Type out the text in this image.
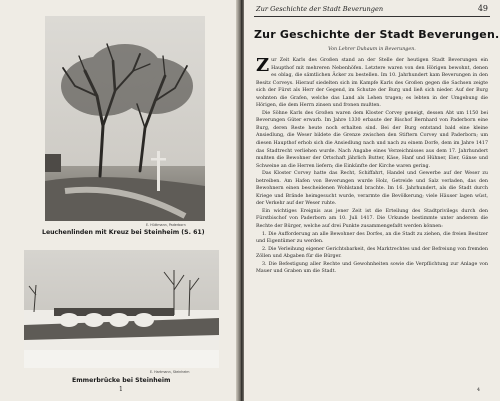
E. Hüttmann, Paderborn
Leuchenlinden mit Kreuz bei Steinheim (S. 61)
E. Hartmann, Steinheim
Emmerbrücke bei Steinheim
1
Zur Geschichte der Stadt Beverungen	49
Zur Geschichte der Stadt Beverungen.
Von Lehrer Duhaum in Beverungen.

Zur Zeit Karls des Großen stand an der Stelle der heutigen Stadt Beverungen ein Haupthof mit mehreren Nebenhöfen. Letztere waren von den Hörigen bewohnt, denen es oblag, die sämtlichen Äcker zu bestellen. Im 10. Jahrhundert kam Beverungen in den Besitz Corveys. Hierauf siedelten sich im Kampfe Karls des Großen gegen die Sachsen zeigte sich der Fürst als Herr der Gegend, im Schutze der Burg und ließ sich nieder. Auf der Burg wohnten die Grafen, welche das Land als Lehen trugen; es lebten in der Umgebung die Hörigen, die dem Herrn zinsen und fronen mußten.

Die Söhne Karls des Großen waren dem Kloster Corvey geneigt, dessen Abt um 1150 bei Beverungen Güter erwarb. Im Jahre 1330 erbaute der Bischof Bernhard von Paderborn eine Burg, deren Reste heute noch erhalten sind. Bei der Burg entstand bald eine kleine Ansiedlung, die Weser bildete die Grenze zwischen den Stiftern Corvey und Paderborn; um diesen Haupthof erhob sich die Ansiedlung nach und nach zu einem Dorfe, dem im Jahre 1417 das Stadtrecht verliehen wurde. Nach Angabe eines Verzeichnisses aus dem 17. Jahrhundert mußten die Bewohner der Ortschaft jährlich Butter, Käse, Hanf und Hühner, Eier, Gänse und Schweine an die Herren liefern; die Einkünfte der Kirche waren gering.

Das Kloster Corvey hatte das Recht, Schiffahrt, Handel und Gewerbe auf der Weser zu betreiben. Am Hafen von Beverungen wurde Holz, Getreide und Salz verladen, das den Bewohnern einen bescheidenen Wohlstand brachte. Im 16. Jahrhundert, als die Stadt durch Kriege und Brände heimgesucht wurde, verarmte die Bevölkerung; viele Häuser lagen wüst, der Verkehr auf der Weser ruhte.

Ein wichtiges Ereignis aus jener Zeit ist die Erteilung des Stadtprivilegs durch den Fürstbischof von Paderborn am 10. Juli 1417. Die Urkunde bestimmte unter anderem die Rechte der Bürger, welche auf drei Punkte zusammengefaßt werden können:

1. Die Aufforderung an alle Bewohner des Dorfes, an die Stadt zu ziehen, die freien Besitzer und Eigentümer zu werden.

2. Die Verleihung eigener Gerichtsbarkeit, des Marktrechtes und der Befreiung von fremden Zöllen und Abgaben für die Bürger.

3. Die Befestigung aller Rechte und Gewohnheiten sowie die Verpflichtung zur Anlage von Mauer und Graben um die Stadt.

4
